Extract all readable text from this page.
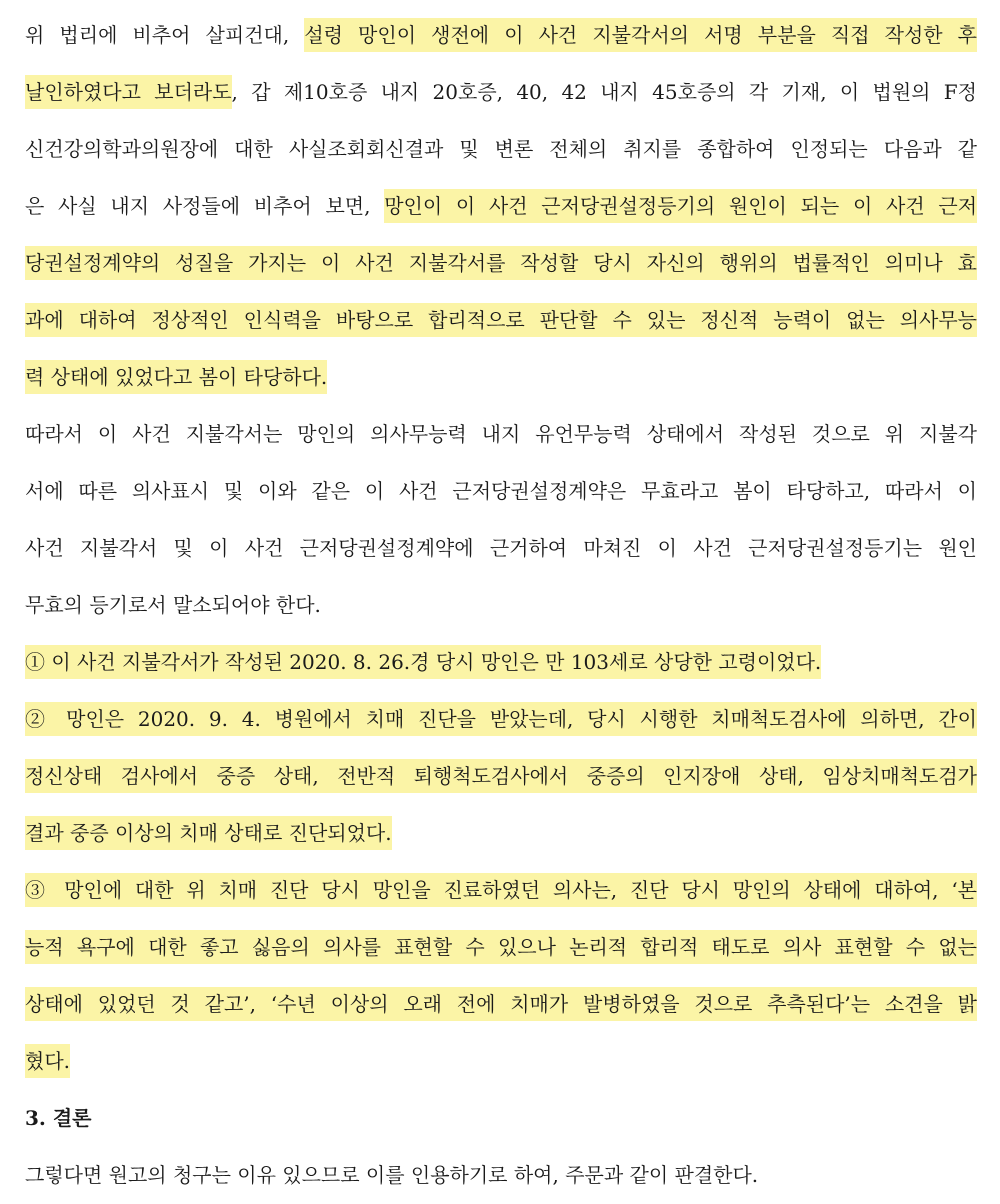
위 법리에 비추어 살피건대, 설령 망인이 생전에 이 사건 지불각서의 서명 부분을 직접 작성한 후
날인하였다고 보더라도, 갑 제10호증 내지 20호증, 40, 42 내지 45호증의 각 기재, 이 법원의 F정
신건강의학과의원장에 대한 사실조회회신결과 및 변론 전체의 취지를 종합하여 인정되는 다음과 같
은 사실 내지 사정들에 비추어 보면, 망인이 이 사건 근저당권설정등기의 원인이 되는 이 사건 근저
당권설정계약의 성질을 가지는 이 사건 지불각서를 작성할 당시 자신의 행위의 법률적인 의미나 효
과에 대하여 정상적인 인식력을 바탕으로 합리적으로 판단할 수 있는 정신적 능력이 없는 의사무능
력 상태에 있었다고 봄이 타당하다.
따라서 이 사건 지불각서는 망인의 의사무능력 내지 유언무능력 상태에서 작성된 것으로 위 지불각
서에 따른 의사표시 및 이와 같은 이 사건 근저당권설정계약은 무효라고 봄이 타당하고, 따라서 이
사건 지불각서 및 이 사건 근저당권설정계약에 근거하여 마쳐진 이 사건 근저당권설정등기는 원인
무효의 등기로서 말소되어야 한다.
① 이 사건 지불각서가 작성된 2020. 8. 26.경 당시 망인은 만 103세로 상당한 고령이었다.
② 망인은 2020. 9. 4. 병원에서 치매 진단을 받았는데, 당시 시행한 치매척도검사에 의하면, 간이
정신상태 검사에서 중증 상태, 전반적 퇴행척도검사에서 중증의 인지장애 상태, 임상치매척도검가
결과 중증 이상의 치매 상태로 진단되었다.
③ 망인에 대한 위 치매 진단 당시 망인을 진료하였던 의사는, 진단 당시 망인의 상태에 대하여, ‘본
능적 욕구에 대한 좋고 싫음의 의사를 표현할 수 있으나 논리적 합리적 태도로 의사 표현할 수 없는
상태에 있었던 것 같고’, ‘수년 이상의 오래 전에 치매가 발병하였을 것으로 추측된다’는 소견을 밝
혔다.
3. 결론
그렇다면 원고의 청구는 이유 있으므로 이를 인용하기로 하여, 주문과 같이 판결한다.
